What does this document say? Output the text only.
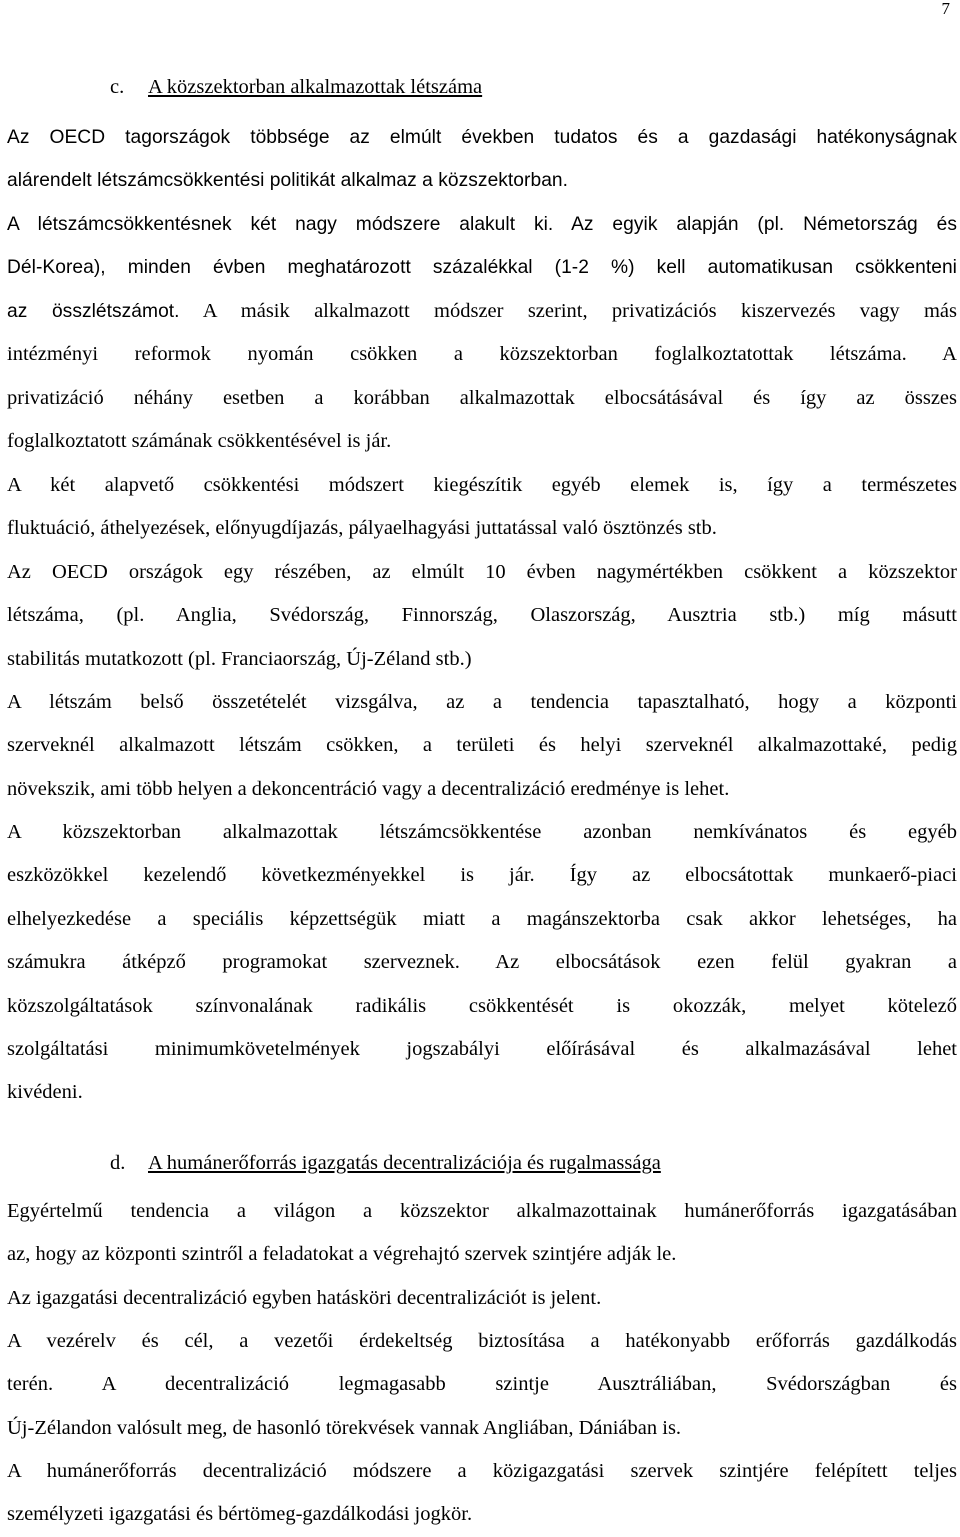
7
c. A közszektorban alkalmazottak létszáma
Az OECD tagországok többsége az elmúlt években tudatos és a gazdasági hatékonyságnak
alárendelt létszámcsökkentési politikát alkalmaz a közszektorban.
A létszámcsökkentésnek két nagy módszere alakult ki. Az egyik alapján (pl. Németország és
Dél-Korea), minden évben meghatározott százalékkal (1-2 %) kell automatikusan csökkenteni
az összlétszámot. A másik alkalmazott módszer szerint, privatizációs kiszervezés vagy más
intézményi reformok nyomán csökken a közszektorban foglalkoztatottak létszáma. A
privatizáció néhány esetben a korábban alkalmazottak elbocsátásával és így az összes
foglalkoztatott számának csökkentésével is jár.
A két alapvető csökkentési módszert kiegészítik egyéb elemek is, így a természetes
fluktuáció, áthelyezések, előnyugdíjazás, pályaelhagyási juttatással való ösztönzés stb.
Az OECD országok egy részében, az elmúlt 10 évben nagymértékben csökkent a közszektor
létszáma, (pl. Anglia, Svédország, Finnország, Olaszország, Ausztria stb.) míg másutt
stabilitás mutatkozott (pl. Franciaország, Új-Zéland stb.)
A létszám belső összetételét vizsgálva, az a tendencia tapasztalható, hogy a központi
szerveknél alkalmazott létszám csökken, a területi és helyi szerveknél alkalmazottaké, pedig
növekszik, ami több helyen a dekoncentráció vagy a decentralizáció eredménye is lehet.
A közszektorban alkalmazottak létszámcsökkentése azonban nemkívánatos és egyéb
eszközökkel kezelendő következményekkel is jár. Így az elbocsátottak munkaerő-piaci
elhelyezkedése a speciális képzettségük miatt a magánszektorba csak akkor lehetséges, ha
számukra átképző programokat szerveznek. Az elbocsátások ezen felül gyakran a
közszolgáltatások színvonalának radikális csökkentését is okozzák, melyet kötelező
szolgáltatási minimumkövetelmények jogszabályi előírásával és alkalmazásával lehet
kivédeni.
d. A humánerőforrás igazgatás decentralizációja és rugalmassága
Egyértelmű tendencia a világon a közszektor alkalmazottainak humánerőforrás igazgatásában
az, hogy az központi szintről a feladatokat a végrehajtó szervek szintjére adják le.
Az igazgatási decentralizáció egyben hatásköri decentralizációt is jelent.
A vezérelv és cél, a vezetői érdekeltség biztosítása a hatékonyabb erőforrás gazdálkodás
terén. A decentralizáció legmagasabb szintje Ausztráliában, Svédországban és
Új-Zélandon valósult meg, de hasonló törekvések vannak Angliában, Dániában is.
A humánerőforrás decentralizáció módszere a közigazgatási szervek szintjére felépített teljes
személyzeti igazgatási és bértömeg-gazdálkodási jogkör.
